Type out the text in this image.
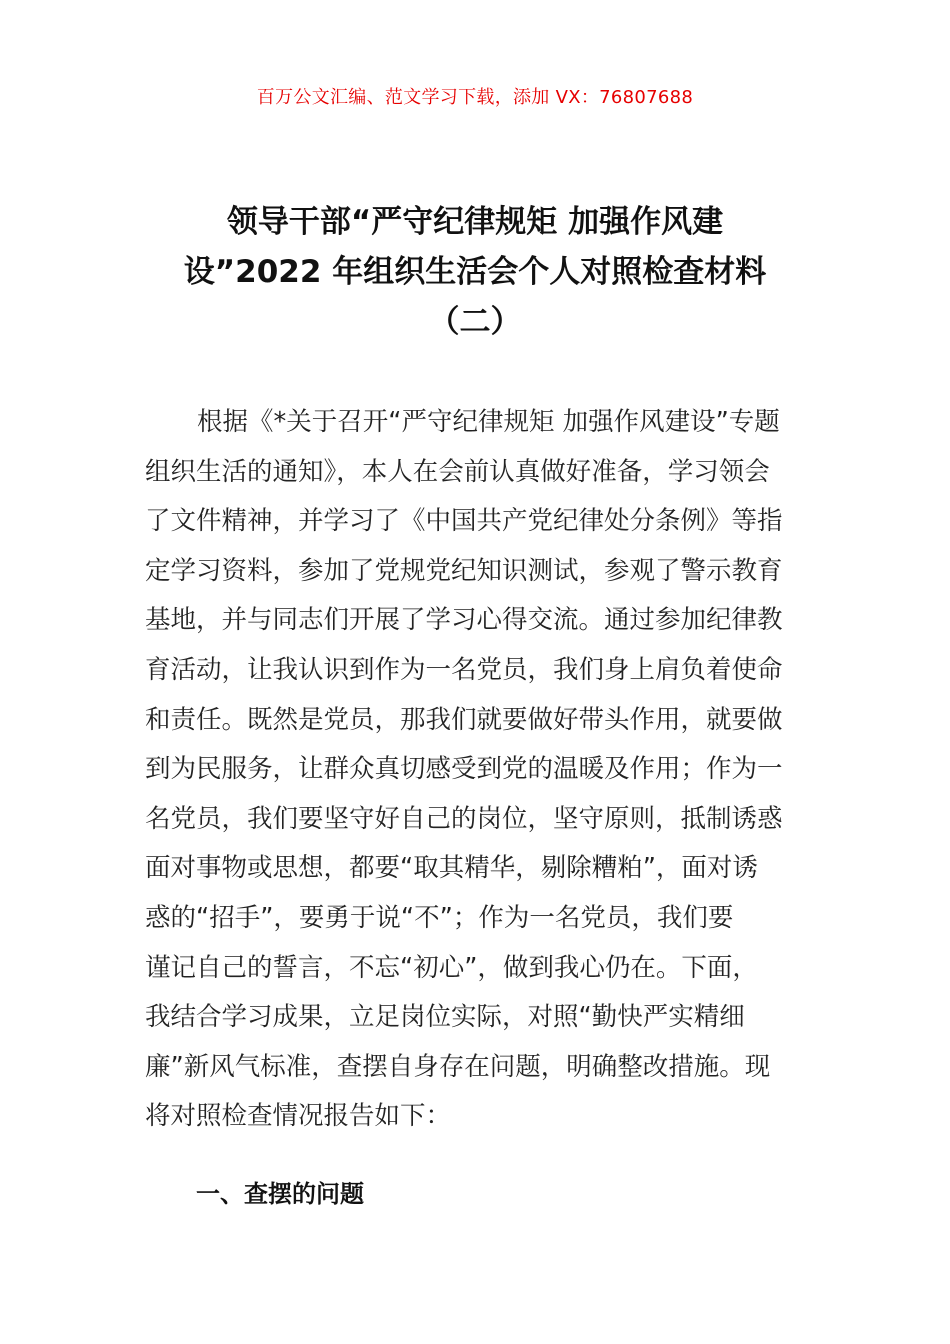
百万公文汇编、范文学习下载，添加 VX：76807688
领导干部“严守纪律规矩 加强作风建
设”2022 年组织生活会个人对照检查材料
（二）
根据《*关于召开“严守纪律规矩 加强作风建设”专题
组织生活的通知》，本人在会前认真做好准备，学习领会
了文件精神，并学习了《中国共产党纪律处分条例》等指
定学习资料，参加了党规党纪知识测试，参观了警示教育
基地，并与同志们开展了学习心得交流。通过参加纪律教
育活动，让我认识到作为一名党员，我们身上肩负着使命
和责任。既然是党员，那我们就要做好带头作用，就要做
到为民服务，让群众真切感受到党的温暖及作用；作为一
名党员，我们要坚守好自己的岗位，坚守原则，抵制诱惑
面对事物或思想，都要“取其精华，剔除糟粕”，面对诱
惑的“招手”，要勇于说“不”；作为一名党员，我们要
谨记自己的誓言，不忘“初心”，做到我心仍在。下面，
我结合学习成果，立足岗位实际，对照“勤快严实精细
廉”新风气标准，查摆自身存在问题，明确整改措施。现
将对照检查情况报告如下：
一、查摆的问题
